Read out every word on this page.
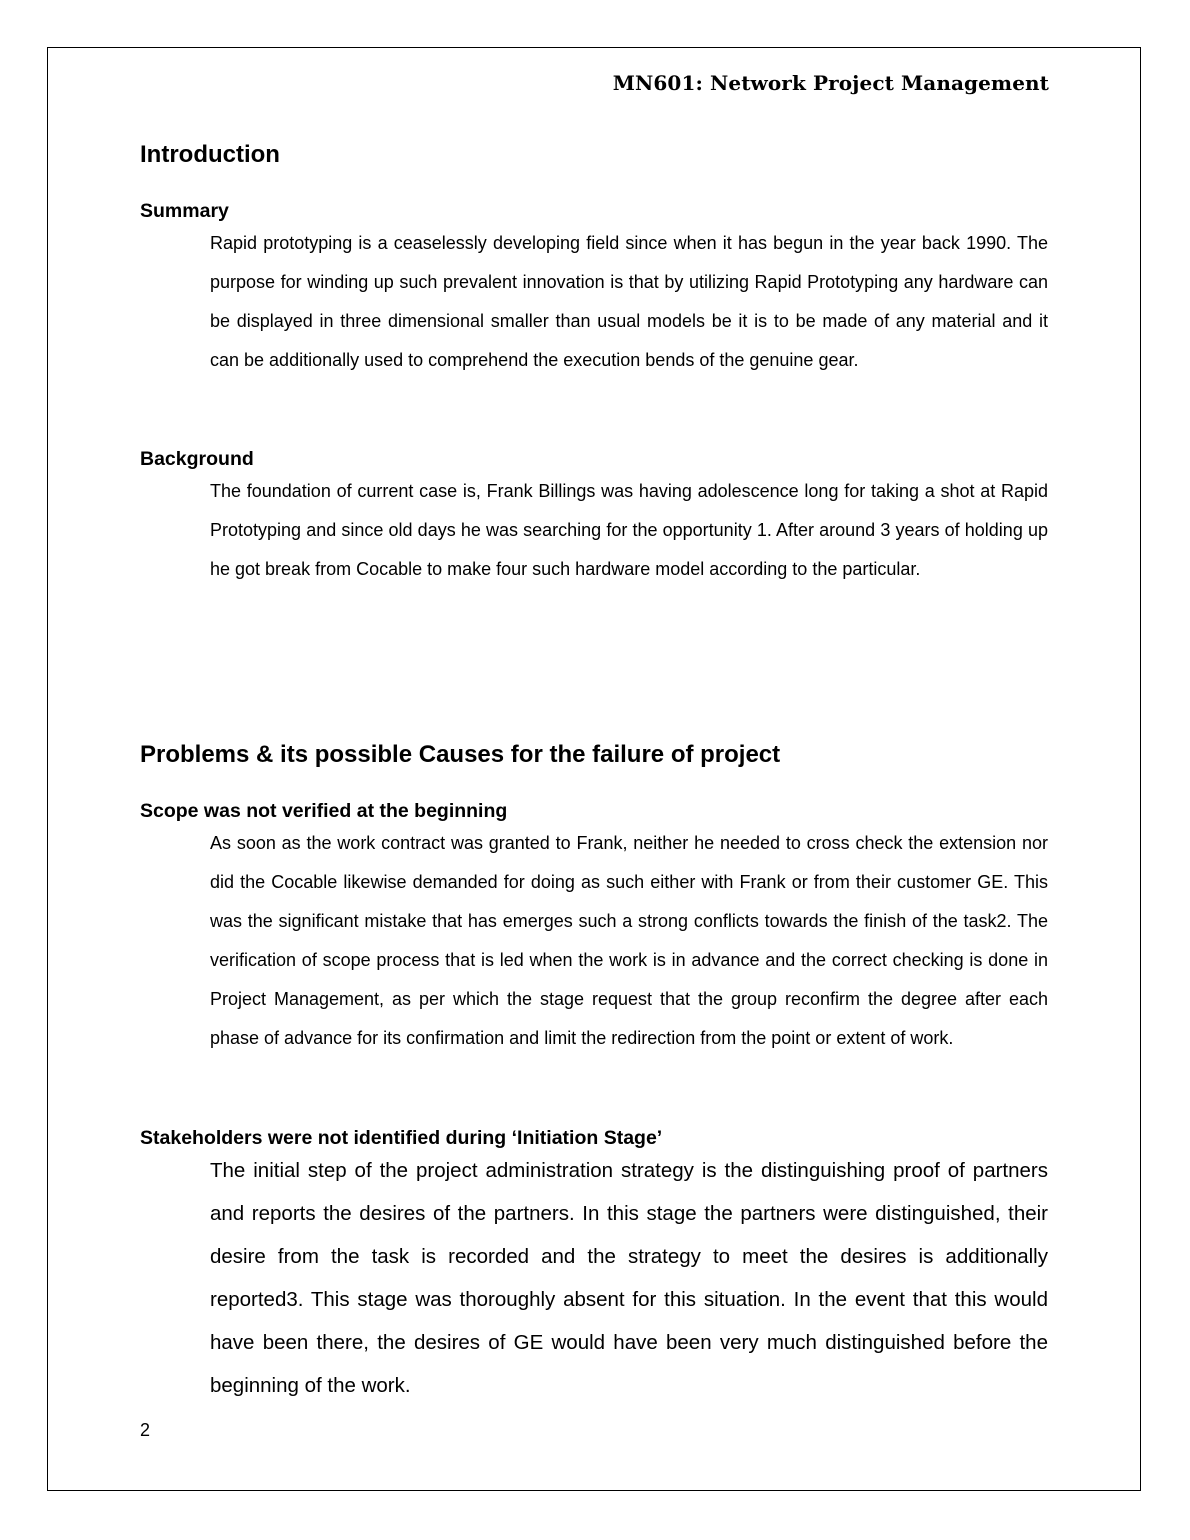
MN601: Network Project Management
Introduction
Summary
Rapid prototyping is a ceaselessly developing field since when it has begun in the year back 1990. The purpose for winding up such prevalent innovation is that by utilizing Rapid Prototyping any hardware can be displayed in three dimensional smaller than usual models be it is to be made of any material and it can be additionally used to comprehend the execution bends of the genuine gear.
Background
The foundation of current case is, Frank Billings was having adolescence long for taking a shot at Rapid Prototyping and since old days he was searching for the opportunity 1. After around 3 years of holding up he got break from Cocable to make four such hardware model according to the particular.
Problems & its possible Causes for the failure of project
Scope was not verified at the beginning
As soon as the work contract was granted to Frank, neither he needed to cross check the extension nor did the Cocable likewise demanded for doing as such either with Frank or from their customer GE. This was the significant mistake that has emerges such a strong conflicts towards the finish of the task2. The verification of scope process that is led when the work is in advance and the correct checking is done in Project Management, as per which the stage request that the group reconfirm the degree after each phase of advance for its confirmation and limit the redirection from the point or extent of work.
Stakeholders were not identified during ‘Initiation Stage’
The initial step of the project administration strategy is the distinguishing proof of partners and reports the desires of the partners. In this stage the partners were distinguished, their desire from the task is recorded and the strategy to meet the desires is additionally reported3. This stage was thoroughly absent for this situation. In the event that this would have been there, the desires of GE would have been very much distinguished before the beginning of the work.
2
